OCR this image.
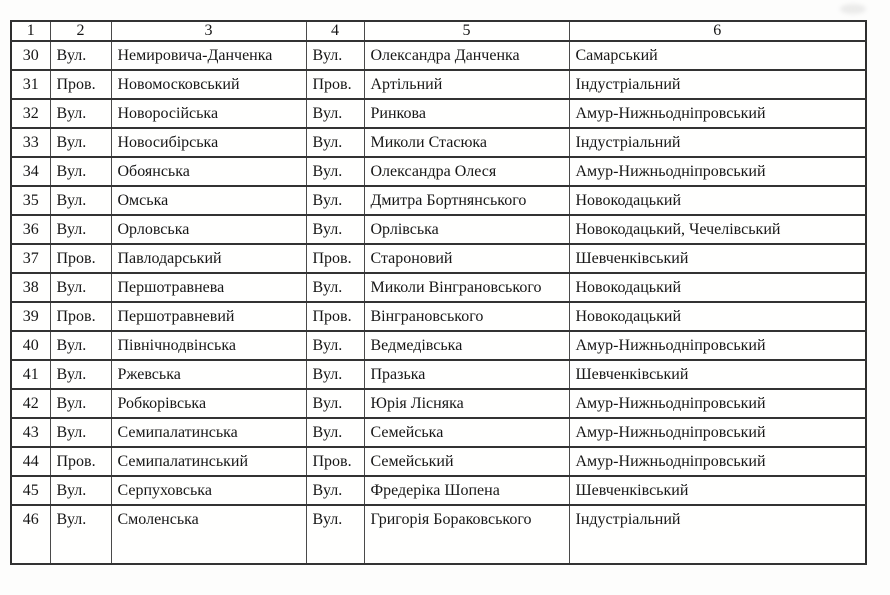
1	2	3	4	5	6
30	Вул.	Немировича-Данченка	Вул.	Олександра Данченка	Самарський
31	Пров.	Новомосковський	Пров.	Артільний	Індустріальний
32	Вул.	Новоросійська	Вул.	Ринкова	Амур-Нижньодніпровський
33	Вул.	Новосибірська	Вул.	Миколи Стасюка	Індустріальний
34	Вул.	Обоянська	Вул.	Олександра Олеся	Амур-Нижньодніпровський
35	Вул.	Омська	Вул.	Дмитра Бортнянського	Новокодацький
36	Вул.	Орловська	Вул.	Орлівська	Новокодацький, Чечелівський
37	Пров.	Павлодарський	Пров.	Староновий	Шевченківський
38	Вул.	Першотравнева	Вул.	Миколи Вінграновського	Новокодацький
39	Пров.	Першотравневий	Пров.	Вінграновського	Новокодацький
40	Вул.	Північнодвінська	Вул.	Ведмедівська	Амур-Нижньодніпровський
41	Вул.	Ржевська	Вул.	Празька	Шевченківський
42	Вул.	Робкорівська	Вул.	Юрія Лісняка	Амур-Нижньодніпровський
43	Вул.	Семипалатинська	Вул.	Семейська	Амур-Нижньодніпровський
44	Пров.	Семипалатинський	Пров.	Семейський	Амур-Нижньодніпровський
45	Вул.	Серпуховська	Вул.	Фредеріка Шопена	Шевченківський
46	Вул.	Смоленська	Вул.	Григорія Бораковського	Індустріальний
